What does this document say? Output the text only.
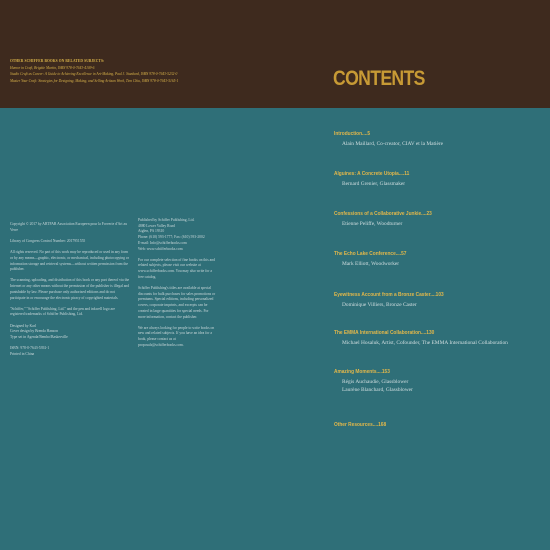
OTHER SCHIFFER BOOKS ON RELATED SUBJECTS:
Humor in Craft, Brigitte Martin, ISBN 978-0-7643-4109-6
Studio Craft as Career: A Guide to Achieving Excellence in Art-Making, Paul J. Stankard, ISBN 978-0-7643-5232-0
Master Your Craft: Strategies for Designing, Making, and Selling Artisan Work, Tien Chiu, ISBN 978-0-7643-5165-1	CONTENTS

Copyright © 2017 by ARTFAB Association Europeen pour la Forverie d'Art au Verre

Library of Congress Control Number: 2017951555

All rights reserved. No part of this work may be reproduced or used in any form or by any means—graphic, electronic, or mechanical, including photocopying or information storage and retrieval systems—without written permission from the publisher.

The scanning, uploading, and distribution of this book or any part thereof via the Internet or any other means without the permission of the publisher is illegal and punishable by law. Please purchase only authorized editions and do not participate in or encourage the electronic piracy of copyrighted materials.

"Schiffer," "Schiffer Publishing, Ltd." and the pen and inkwell logo are registered trademarks of Schiffer Publishing, Ltd.

Designed by Karl
Cover design by Brenda Hanson
Type set in Agenda/Bembo/Baskerville

ISBN: 978-0-7643-5392-1
Printed in China

Published by Schiffer Publishing, Ltd.
4880 Lower Valley Road
Atglen, PA 19310
Phone: (610) 593-1777; Fax: (610) 593-2002
E-mail: Info@schifferbooks.com
Web: www.schifferbooks.com

For our complete selection of fine books on this and related subjects, please visit our website at www.schifferbooks.com. You may also write for a free catalog.

Schiffer Publishing's titles are available at special discounts for bulk purchases for sales promotions or premiums. Special editions, including personalized covers, corporate imprints, and excerpts can be created in large quantities for special needs. For more information, contact the publisher.

We are always looking for people to write books on new and related subjects. If you have an idea for a book, please contact us at proposals@schifferbooks.com.

Introduction....5
Alain Maillard, Co-creator, CIAV et la Matière
Alguines: A Concrete Utopia....11
Bernard Grenier, Glassmaker
Confessions of a Collaborative Junkie....23
Etienne Peliffe, Woodturner
The Echo Lake Conference....57
Mark Elliott, Woodworker
Eyewitness Account from a Bronze Caster....103
Dominique Villiers, Bronze Caster
The EMMA International Collaboration....130
Michael Hosaluk, Artist, Cofounder, The EMMA International Collaboration
Amazing Moments....153
Régis Auchaudie, Glassblower
Laurène Blanchard, Glassblower
Other Resources....168
